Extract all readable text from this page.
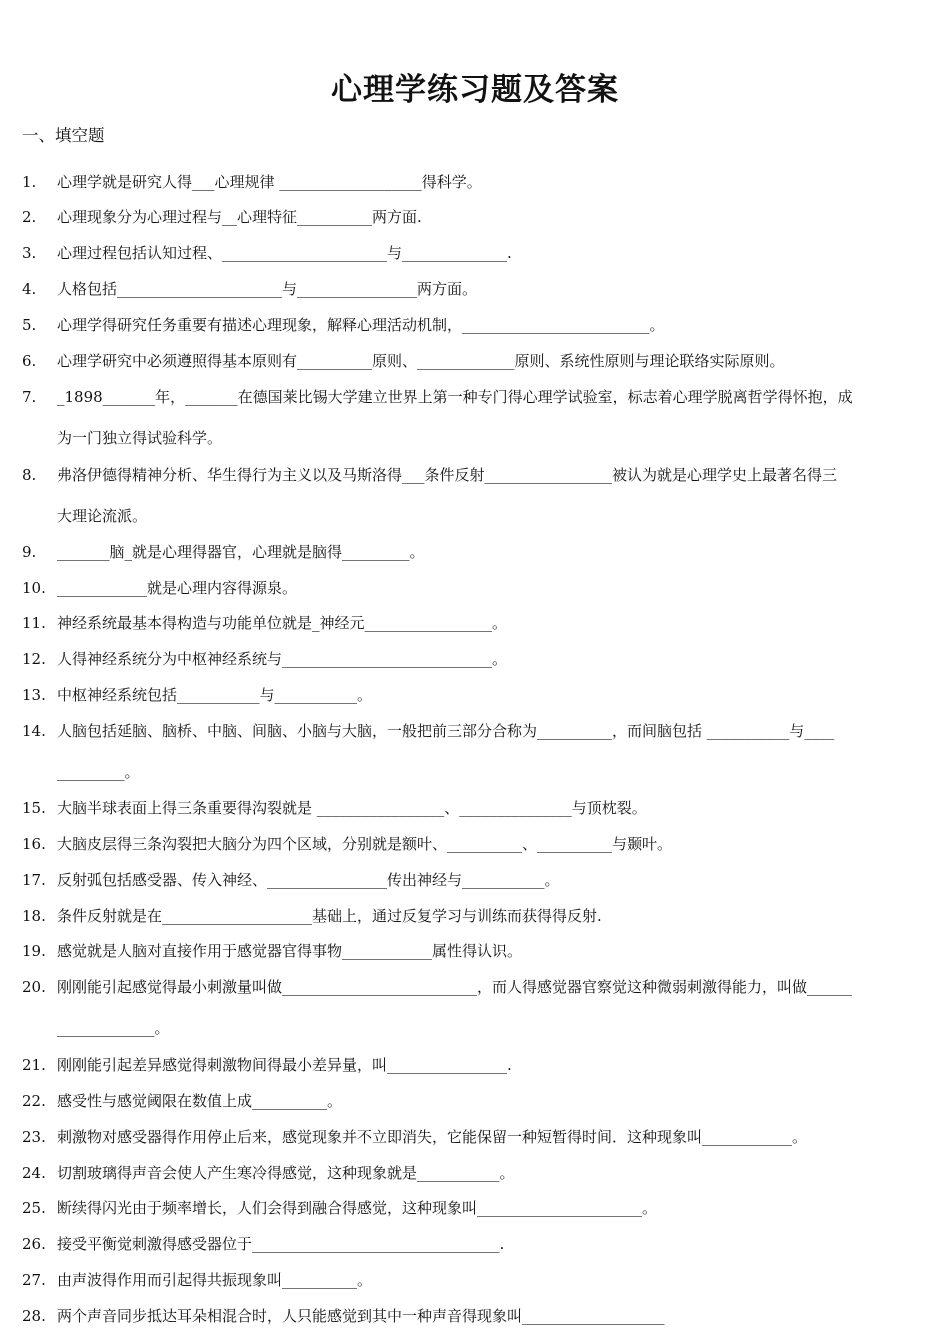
心理学练习题及答案
一、填空题
1.	心理学就是研究人得___心理规律 ___________________得科学。
2.	心理现象分为心理过程与__心理特征__________两方面.
3.	心理过程包括认知过程、______________________与______________.
4.	人格包括______________________与________________两方面。
5.	心理学得研究任务重要有描述心理现象，解释心理活动机制，_________________________。
6.	心理学研究中必须遵照得基本原则有__________原则、_____________原则、系统性原则与理论联络实际原则。
7.	_1898_______年，_______在德国莱比锡大学建立世界上第一种专门得心理学试验室，标志着心理学脱离哲学得怀抱，成
为一门独立得试验科学。
8.	弗洛伊德得精神分析、华生得行为主义以及马斯洛得___条件反射_________________被认为就是心理学史上最著名得三
大理论流派。
9.	_______脑_就是心理得器官，心理就是脑得_________。
10. ____________就是心理内容得源泉。
11. 神经系统最基本得构造与功能单位就是_神经元_________________。
12. 人得神经系统分为中枢神经系统与____________________________。
13. 中枢神经系统包括___________与___________。
14. 人脑包括延脑、脑桥、中脑、间脑、小脑与大脑，一般把前三部分合称为__________，而间脑包括 ___________与____
_________。
15. 大脑半球表面上得三条重要得沟裂就是 _________________、_______________与顶枕裂。
16. 大脑皮层得三条沟裂把大脑分为四个区域，分别就是额叶、__________、__________与颞叶。
17. 反射弧包括感受器、传入神经、________________传出神经与___________。
18. 条件反射就是在____________________基础上，通过反复学习与训练而获得得反射.
19. 感觉就是人脑对直接作用于感觉器官得事物____________属性得认识。
20. 刚刚能引起感觉得最小刺激量叫做__________________________，而人得感觉器官察觉这种微弱刺激得能力，叫做______
_____________。
21. 刚刚能引起差异感觉得刺激物间得最小差异量，叫________________.
22. 感受性与感觉阈限在数值上成__________。
23. 刺激物对感受器得作用停止后来，感觉现象并不立即消失，它能保留一种短暂得时间．这种现象叫____________。
24. 切割玻璃得声音会使人产生寒冷得感觉，这种现象就是___________。
25. 断续得闪光由于频率增长，人们会得到融合得感觉，这种现象叫______________________。
26. 接受平衡觉刺激得感受器位于_________________________________.
27. 由声波得作用而引起得共振现象叫__________。
28. 两个声音同步抵达耳朵相混合时，人只能感觉到其中一种声音得现象叫___________________
